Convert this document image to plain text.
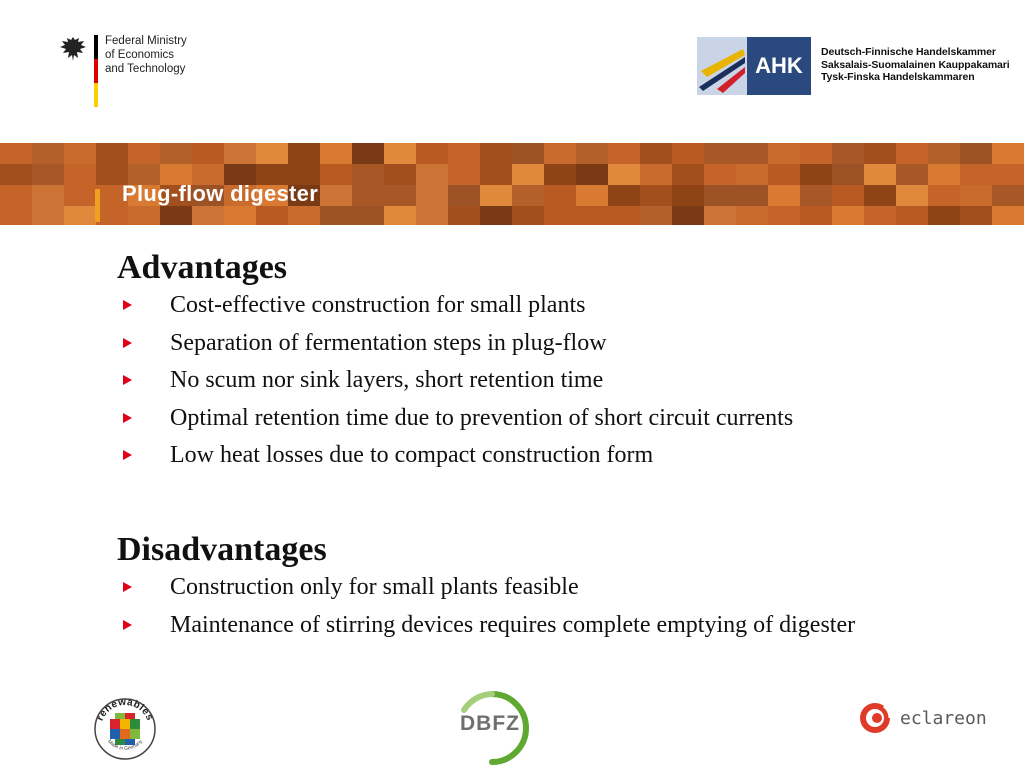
Federal Ministry
of Economics
and Technology	AHK
Deutsch-Finnische Handelskammer
Saksalais-Suomalainen Kauppakamari
Tysk-Finska Handelskammaren
Plug-flow digester
Advantages
Cost-effective construction for small plants
Separation of fermentation steps in plug-flow
No scum nor sink layers, short retention time
Optimal retention time due to prevention of short circuit currents
Low heat losses due to compact construction form
Disadvantages
Construction only for small plants feasible
Maintenance of stirring devices requires complete emptying of digester
renewables
Made in Germany
DBFZ	eclareon
